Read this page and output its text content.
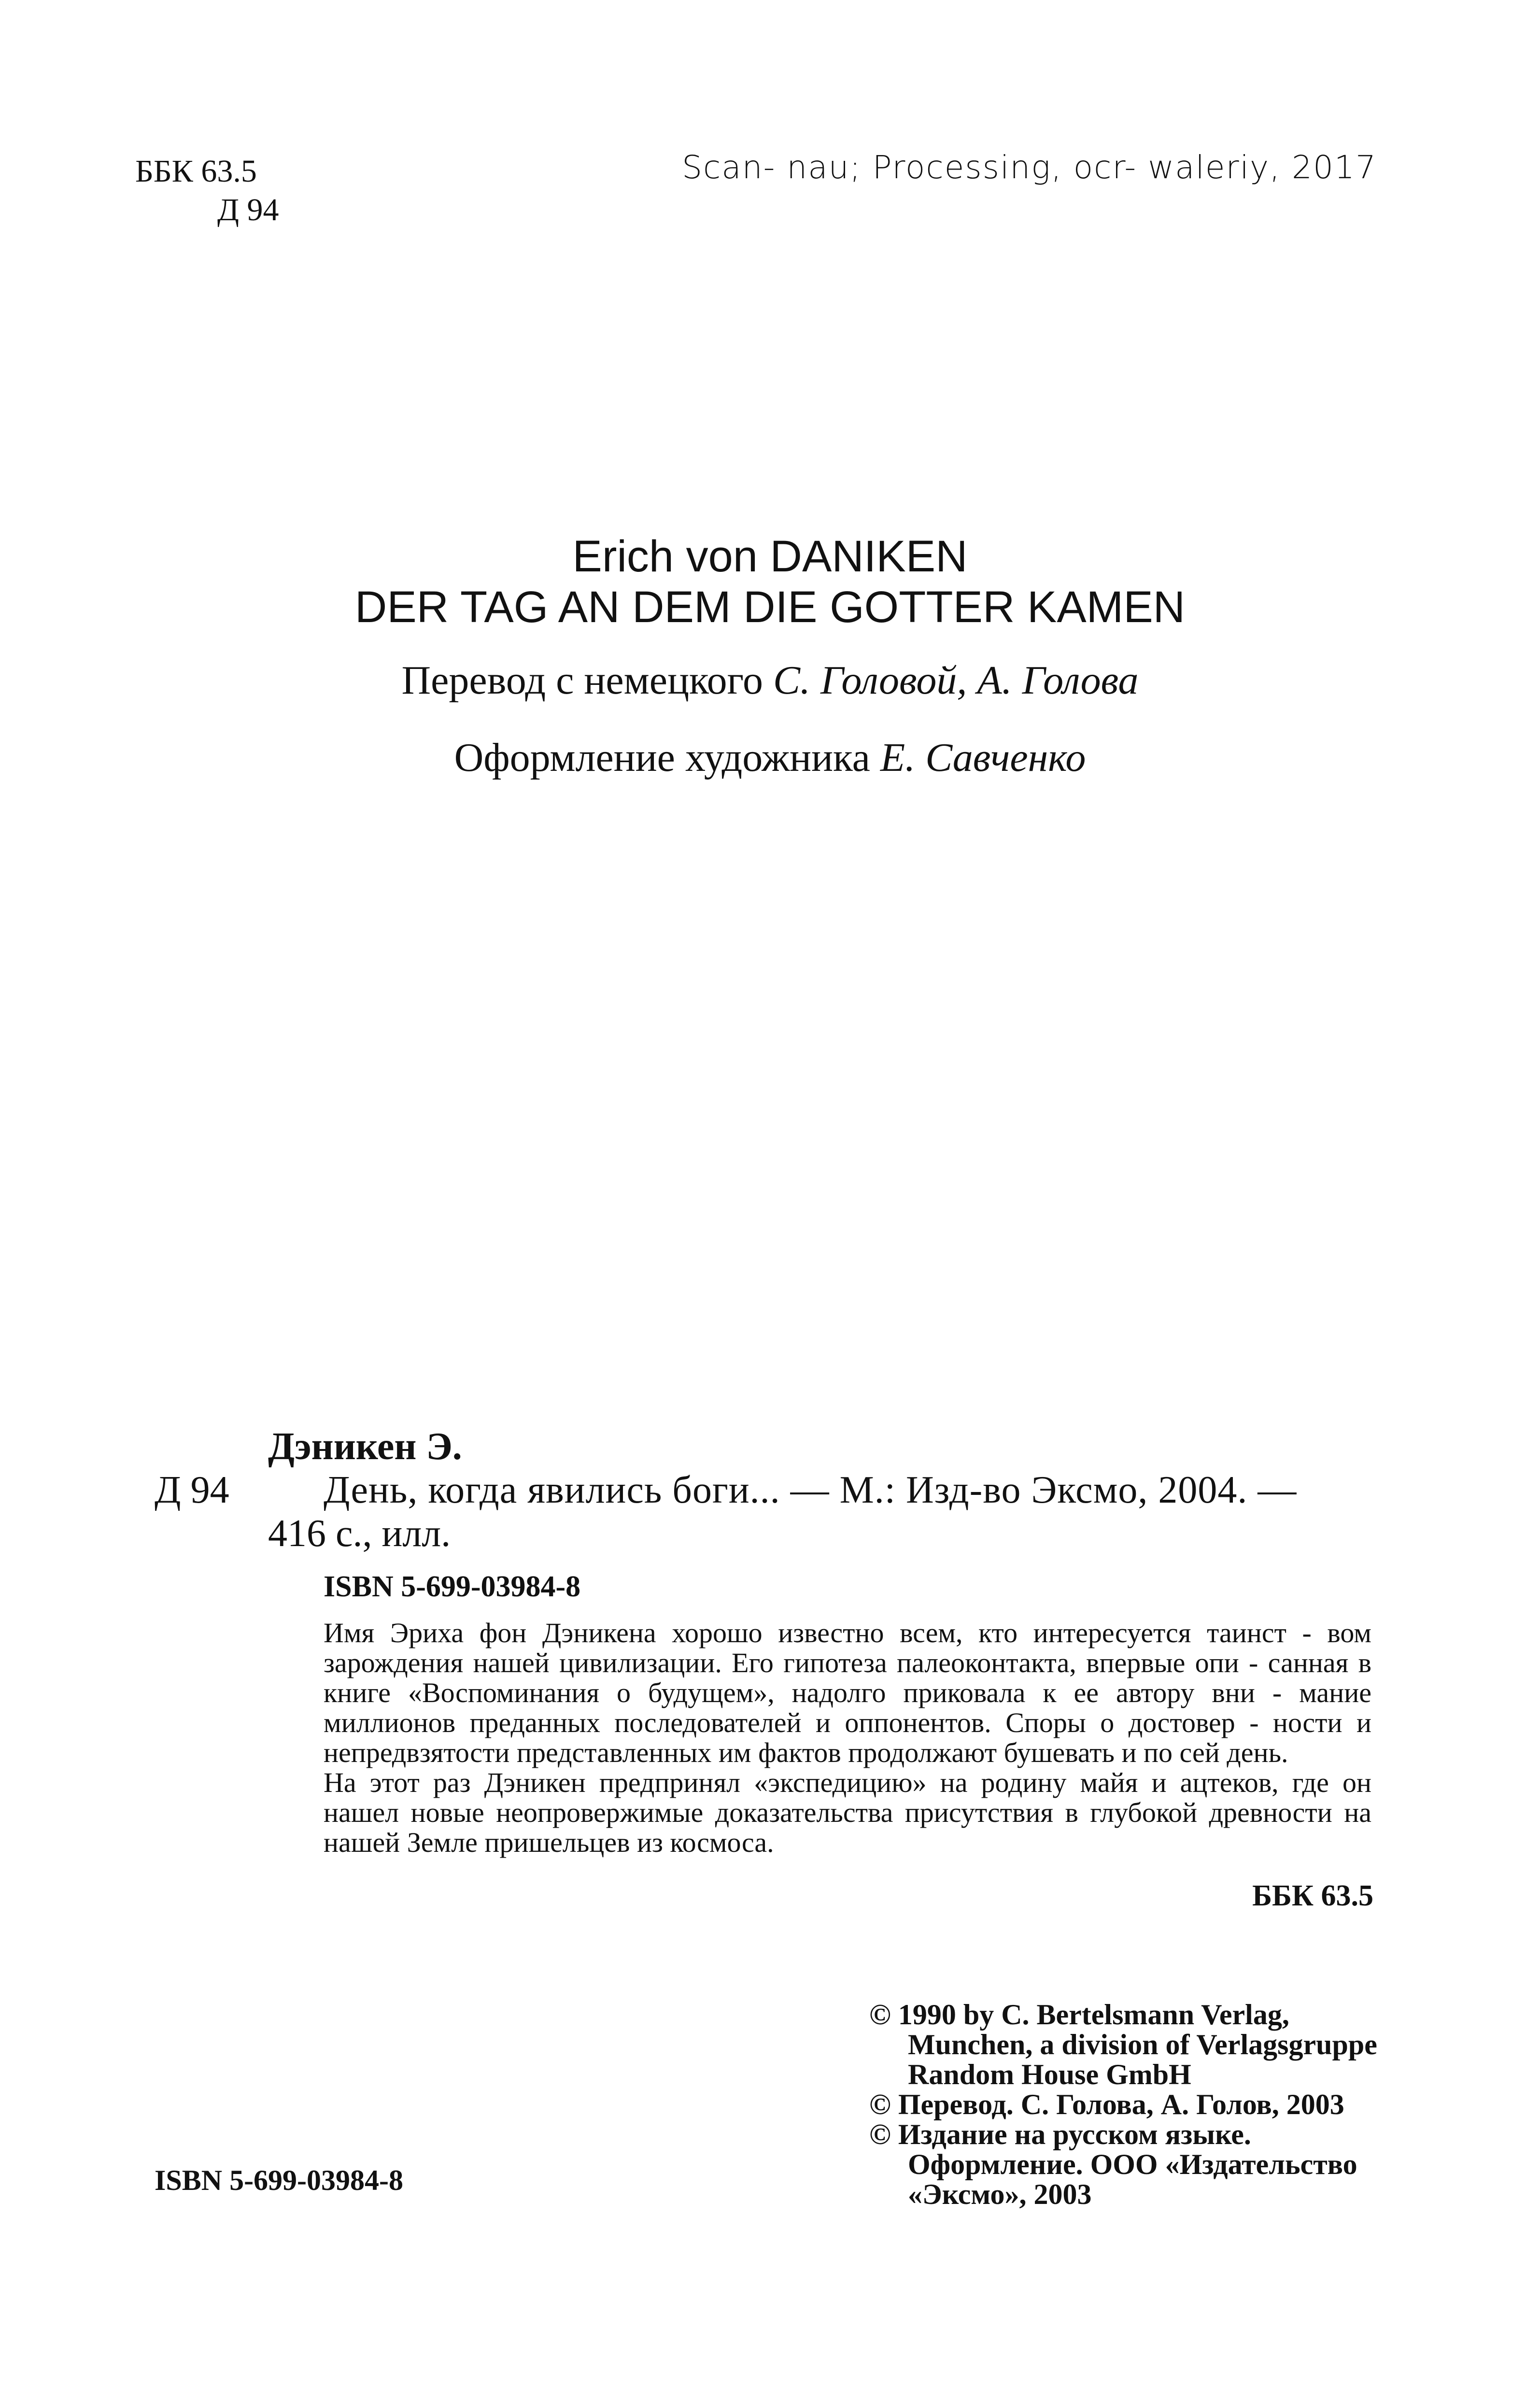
ББК 63.5
Д 94
Scan- nau; Processing, ocr- waleriy, 2017
Erich von DANIKEN
DER TAG AN DEM DIE GOTTER KAMEN
Перевод с немецкого С. Головой, А. Голова
Оформление художника Е. Савченко
Дэникен Э.
Д 94 День, когда явились боги... — М.: Изд-во Эксмо, 2004. —
416 с., илл.
ISBN 5-699-03984-8

Имя Эриха фон Дэникена хорошо известно всем, кто интересуется таинст - вом зарождения нашей цивилизации. Его гипотеза палеоконтакта, впервые опи - санная в книге «Воспоминания о будущем», надолго приковала к ее автору вни - мание миллионов преданных последователей и оппонентов. Споры о достовер - ности и непредвзятости представленных им фактов продолжают бушевать и по сей день.

На этот раз Дэникен предпринял «экспедицию» на родину майя и ацтеков, где он нашел новые неопровержимые доказательства присутствия в глубокой древности на нашей Земле пришельцев из космоса.

ББК 63.5
© 1990 by C. Bertelsmann Verlag,
Munchen, a division of Verlagsgruppe
Random House GmbH
© Перевод. С. Голова, А. Голов, 2003
© Издание на русском языке.
Оформление. ООО «Издательство
«Эксмо», 2003
ISBN 5-699-03984-8
